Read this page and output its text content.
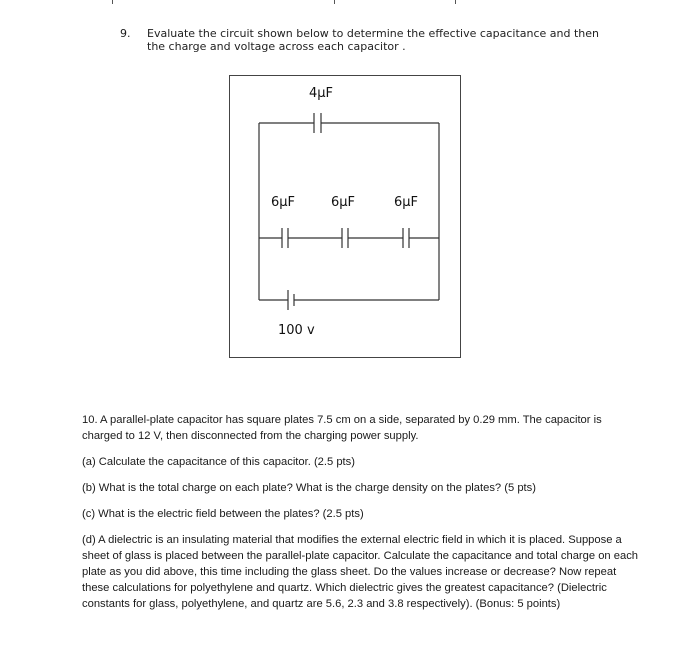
9. Evaluate the circuit shown below to determine the effective capacitance and then the charge and voltage across each capacitor .
4µF
6µF	6µF	6µF
100 v

10. A parallel-plate capacitor has square plates 7.5 cm on a side, separated by 0.29 mm. The capacitor is charged to 12 V, then disconnected from the charging power supply.

(a) Calculate the capacitance of this capacitor. (2.5 pts)

(b) What is the total charge on each plate? What is the charge density on the plates? (5 pts)

(c) What is the electric field between the plates? (2.5 pts)

(d) A dielectric is an insulating material that modifies the external electric field in which it is placed. Suppose a sheet of glass is placed between the parallel-plate capacitor. Calculate the capacitance and total charge on each plate as you did above, this time including the glass sheet. Do the values increase or decrease? Now repeat these calculations for polyethylene and quartz. Which dielectric gives the greatest capacitance? (Dielectric constants for glass, polyethylene, and quartz are 5.6, 2.3 and 3.8 respectively). (Bonus: 5 points)
